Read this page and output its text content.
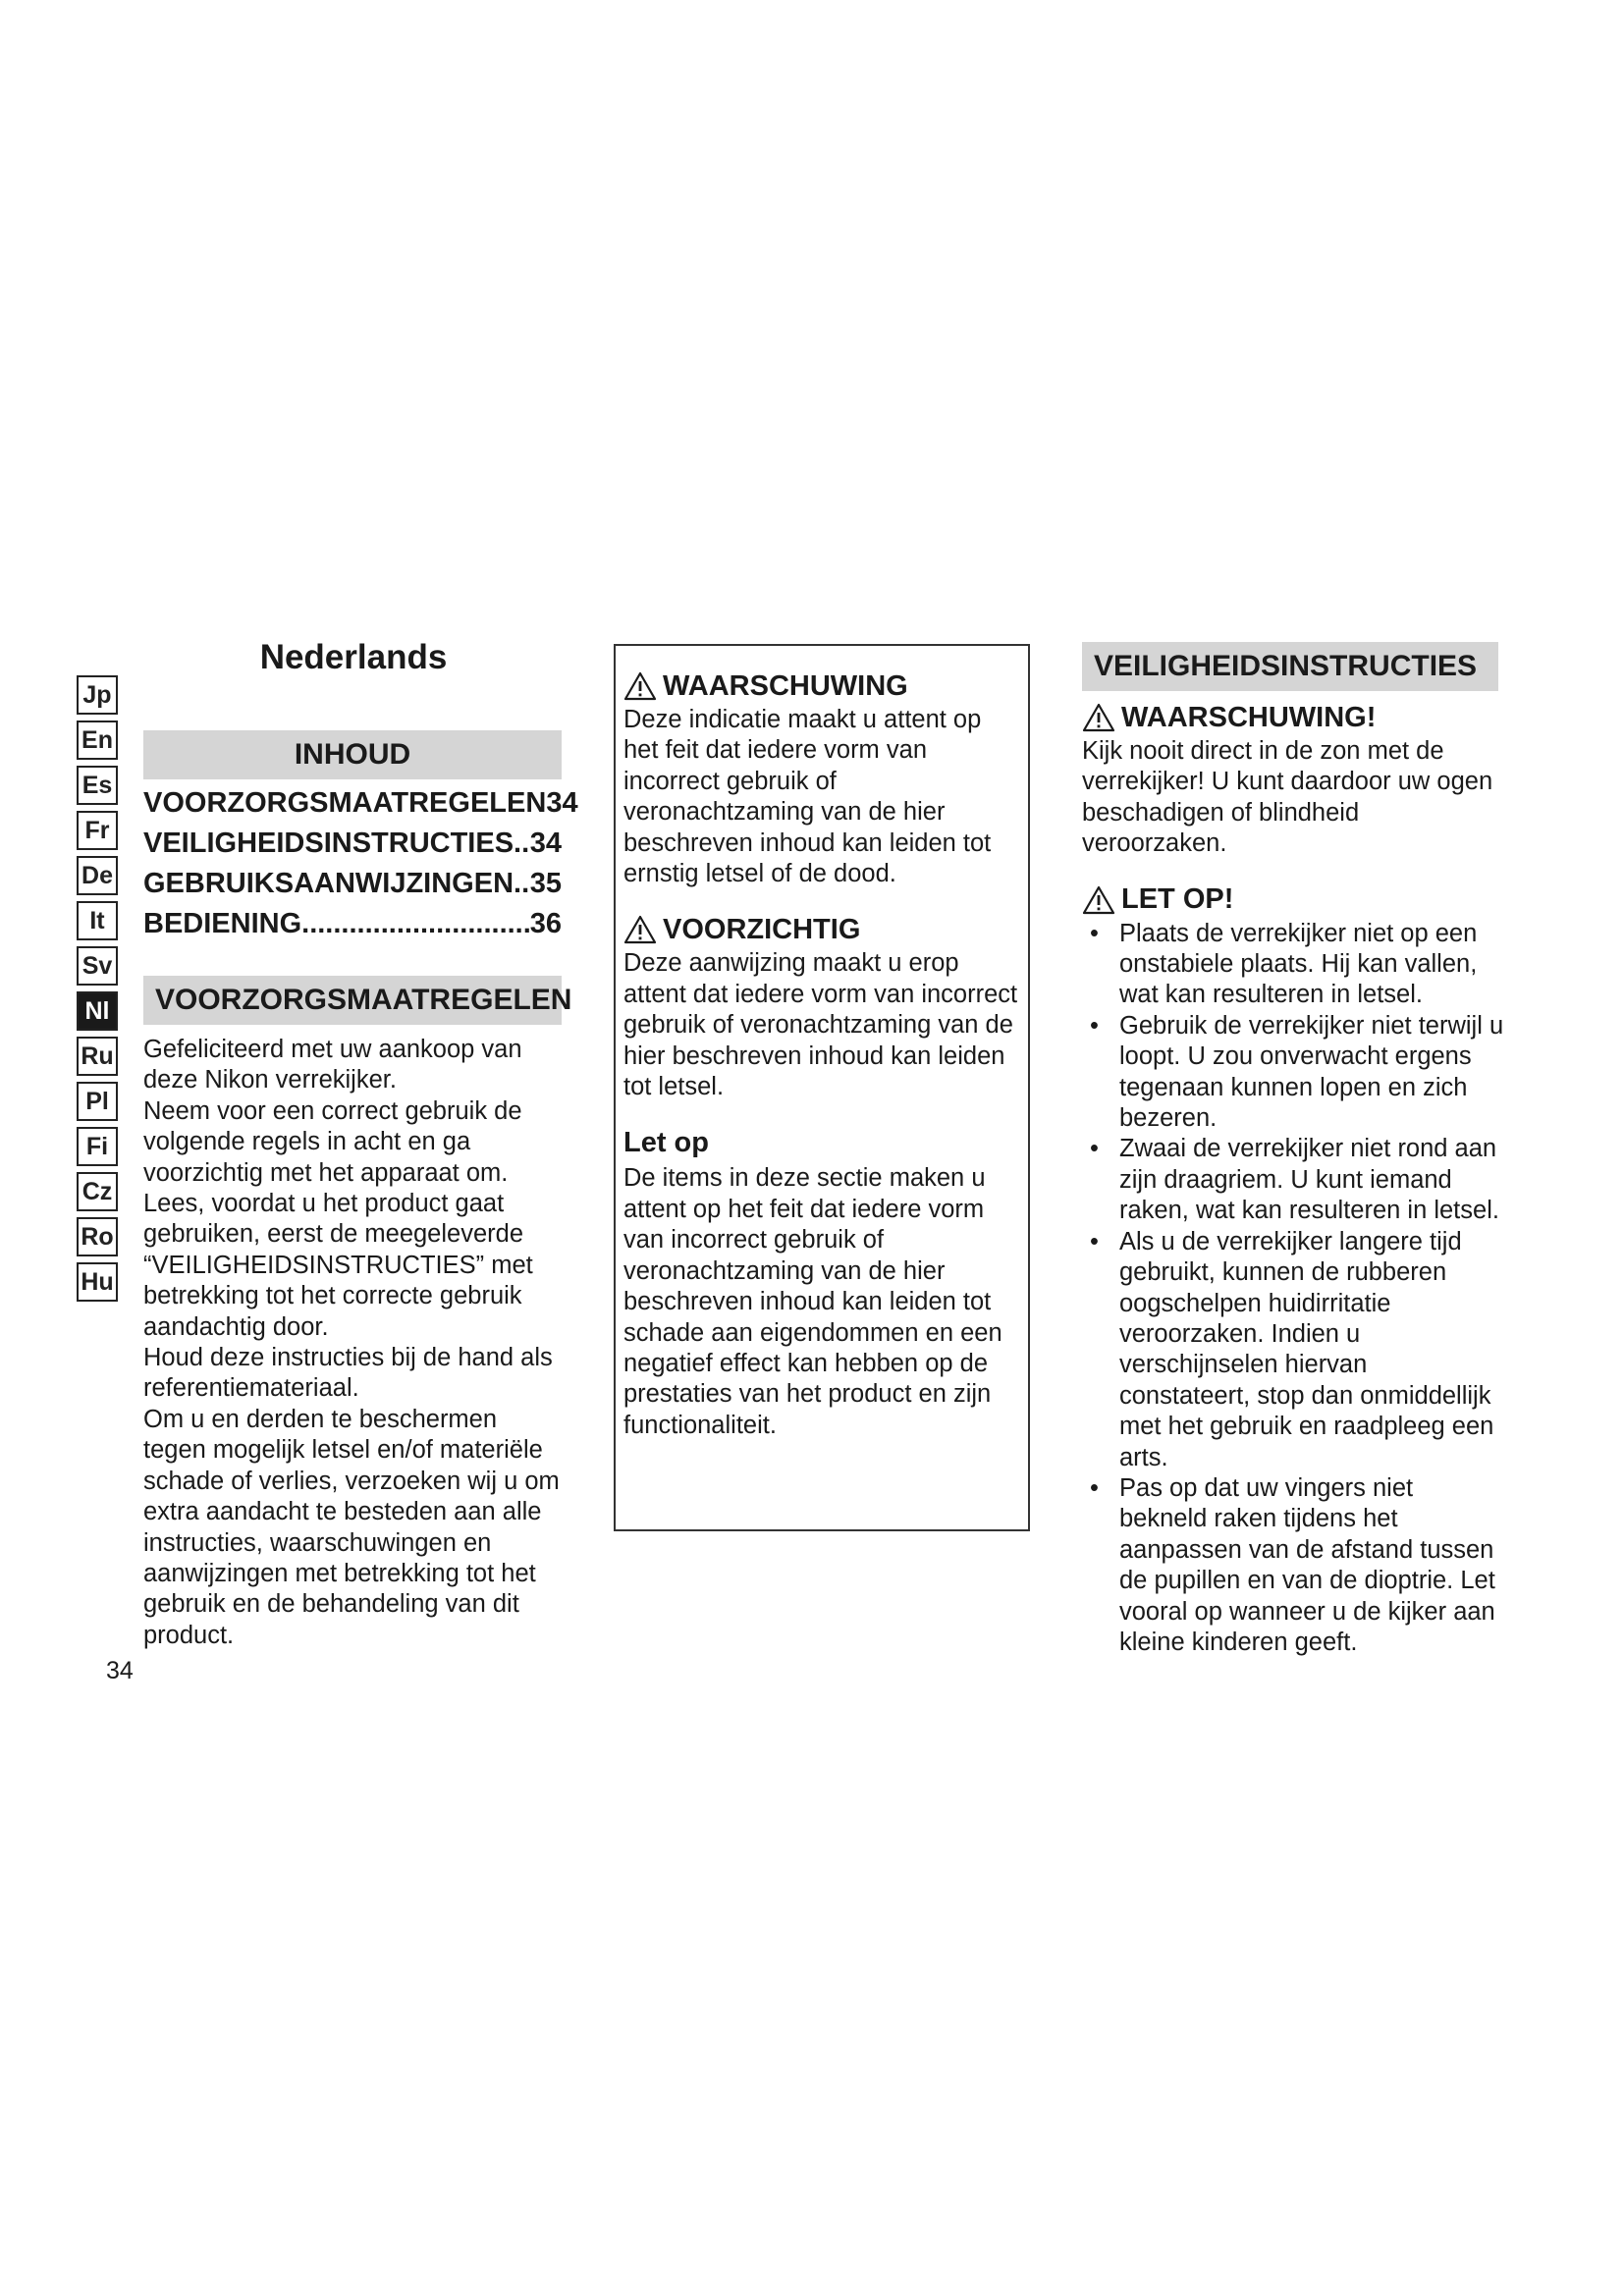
Jp
En
Es
Fr
De
It
Sv
Nl
Ru
Pl
Fi
Cz
Ro
Hu
Nederlands
INHOUD
VOORZORGSMAATREGELEN 34
VEILIGHEIDSINSTRUCTIES ..... 34
GEBRUIKSAANWIJZINGEN ..... 35
BEDIENING .....	36
VOORZORGSMAATREGELEN

Gefeliciteerd met uw aankoop van deze Nikon verrekijker.

Neem voor een correct gebruik de volgende regels in acht en ga voorzichtig met het apparaat om.

Lees, voordat u het product gaat gebruiken, eerst de meegeleverde “VEILIGHEIDSINSTRUCTIES” met betrekking tot het correcte gebruik aandachtig door.

Houd deze instructies bij de hand als referentiemateriaal.

Om u en derden te beschermen tegen mogelijk letsel en/of materiële schade of verlies, verzoeken wij u om extra aandacht te besteden aan alle instructies, waarschuwingen en aanwijzingen met betrekking tot het gebruik en de behandeling van dit product.

34
WAARSCHUWING

Deze indicatie maakt u attent op het feit dat iedere vorm van incorrect gebruik of veronachtzaming van de hier beschreven inhoud kan leiden tot ernstig letsel of de dood.

VOORZICHTIG

Deze aanwijzing maakt u erop attent dat iedere vorm van incorrect gebruik of veronachtzaming van de hier beschreven inhoud kan leiden tot letsel.

Let op

De items in deze sectie maken u attent op het feit dat iedere vorm van incorrect gebruik of veronachtzaming van de hier beschreven inhoud kan leiden tot schade aan eigendommen en een negatief effect kan hebben op de prestaties van het product en zijn functionaliteit.

VEILIGHEIDSINSTRUCTIES
WAARSCHUWING!

Kijk nooit direct in de zon met de verrekijker! U kunt daardoor uw ogen beschadigen of blindheid veroorzaken.

LET OP!
• Plaats de verrekijker niet op een onstabiele plaats. Hij kan vallen, wat kan resulteren in letsel.
• Gebruik de verrekijker niet terwijl u loopt. U zou onverwacht ergens tegenaan kunnen lopen en zich bezeren.
• Zwaai de verrekijker niet rond aan zijn draagriem. U kunt iemand raken, wat kan resulteren in letsel.
• Als u de verrekijker langere tijd gebruikt, kunnen de rubberen oogschelpen huidirritatie veroorzaken. Indien u verschijnselen hiervan constateert, stop dan onmiddellijk met het gebruik en raadpleeg een arts.
• Pas op dat uw vingers niet bekneld raken tijdens het aanpassen van de afstand tussen de pupillen en van de dioptrie. Let vooral op wanneer u de kijker aan kleine kinderen geeft.
